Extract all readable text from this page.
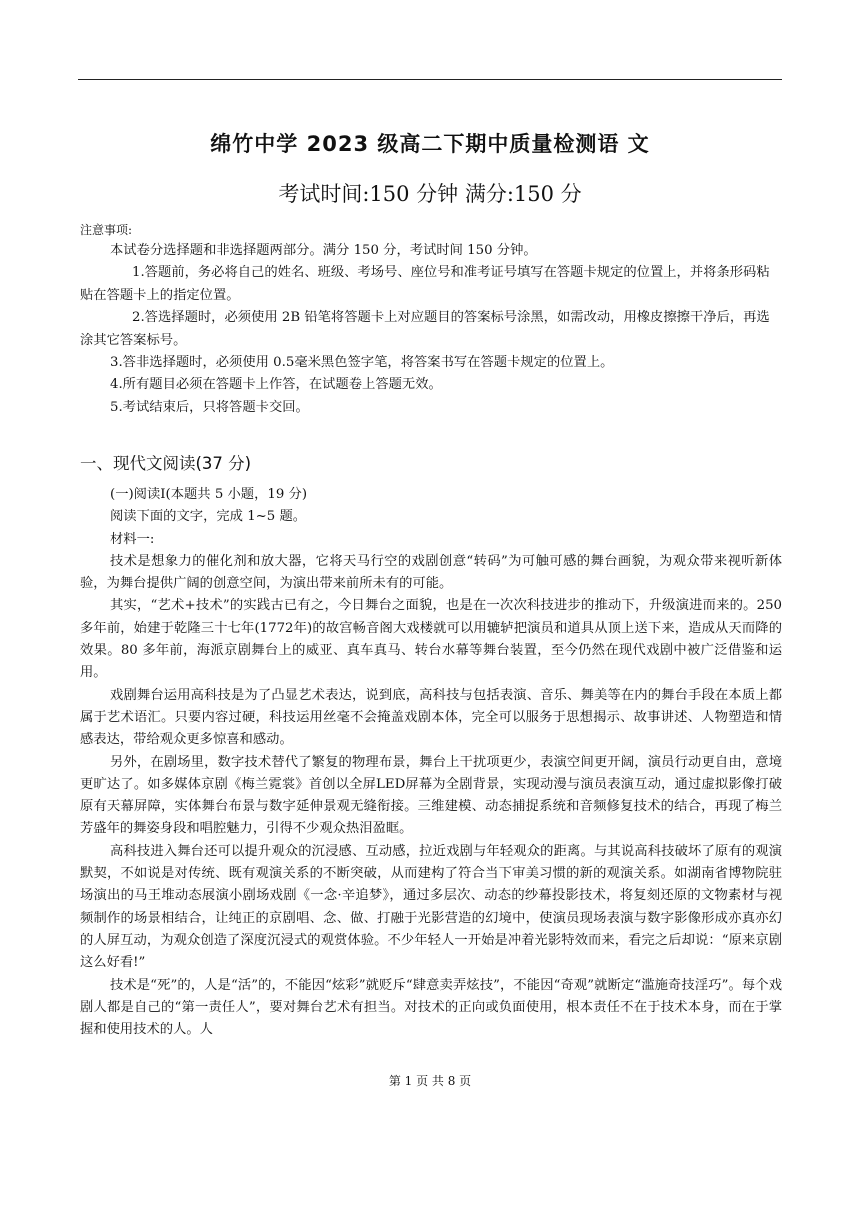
绵竹中学 2023 级高二下期中质量检测语 文
考试时间:150 分钟 满分:150 分
注意事项:

本试卷分选择题和非选择题两部分。满分 150 分，考试时间 150 分钟。

1.答题前，务必将自己的姓名、班级、考场号、座位号和准考证号填写在答题卡规定的位置上，并将条形码粘贴在答题卡上的指定位置。

2.答选择题时，必须使用 2B 铅笔将答题卡上对应题目的答案标号涂黑，如需改动，用橡皮擦擦干净后，再选涂其它答案标号。

3.答非选择题时，必须使用 0.5毫米黑色签字笔，将答案书写在答题卡规定的位置上。

4.所有题目必须在答题卡上作答，在试题卷上答题无效。

5.考试结束后，只将答题卡交回。

一、现代文阅读(37 分)

(一)阅读Ⅰ(本题共 5 小题，19 分)

阅读下面的文字，完成 1~5 题。

材料一:

技术是想象力的催化剂和放大器，它将天马行空的戏剧创意“转码”为可触可感的舞台画貌，为观众带来视听新体验，为舞台提供广阔的创意空间，为演出带来前所未有的可能。

其实，“艺术+技术”的实践古已有之，今日舞台之面貌，也是在一次次科技进步的推动下，升级演进而来的。250 多年前，始建于乾隆三十七年(1772年)的故宫畅音阁大戏楼就可以用辘轳把演员和道具从顶上送下来，造成从天而降的效果。80 多年前，海派京剧舞台上的威亚、真车真马、转台水幕等舞台装置，至今仍然在现代戏剧中被广泛借鉴和运用。

戏剧舞台运用高科技是为了凸显艺术表达，说到底，高科技与包括表演、音乐、舞美等在内的舞台手段在本质上都属于艺术语汇。只要内容过硬，科技运用丝毫不会掩盖戏剧本体，完全可以服务于思想揭示、故事讲述、人物塑造和情感表达，带给观众更多惊喜和感动。

另外，在剧场里，数字技术替代了繁复的物理布景，舞台上干扰项更少，表演空间更开阔，演员行动更自由，意境更旷达了。如多媒体京剧《梅兰霓裳》首创以全屏LED屏幕为全剧背景，实现动漫与演员表演互动，通过虚拟影像打破原有天幕屏障，实体舞台布景与数字延伸景观无缝衔接。三维建模、动态捕捉系统和音频修复技术的结合，再现了梅兰芳盛年的舞姿身段和唱腔魅力，引得不少观众热泪盈眶。

高科技进入舞台还可以提升观众的沉浸感、互动感，拉近戏剧与年轻观众的距离。与其说高科技破坏了原有的观演默契，不如说是对传统、既有观演关系的不断突破，从而建构了符合当下审美习惯的新的观演关系。如湖南省博物院驻场演出的马王堆动态展演小剧场戏剧《一念·辛追梦》，通过多层次、动态的纱幕投影技术，将复刻还原的文物素材与视频制作的场景相结合，让纯正的京剧唱、念、做、打融于光影营造的幻境中，使演员现场表演与数字影像形成亦真亦幻的人屏互动，为观众创造了深度沉浸式的观赏体验。不少年轻人一开始是冲着光影特效而来，看完之后却说：“原来京剧这么好看!”

技术是“死”的，人是“活”的，不能因“炫彩”就贬斥“肆意卖弄炫技”，不能因“奇观”就断定“滥施奇技淫巧”。每个戏剧人都是自己的“第一责任人”，要对舞台艺术有担当。对技术的正向或负面使用，根本责任不在于技术本身，而在于掌握和使用技术的人。人

第 1 页 共 8 页
